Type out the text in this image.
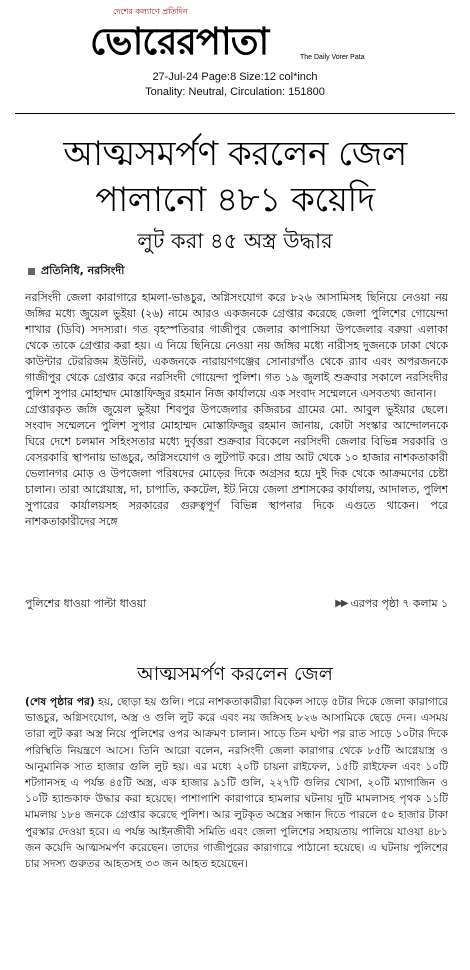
দেশের কল্যাণে প্রতিদিন
ভোরেরপাতা	The Daily Vorer Pata
27-Jul-24 Page:8 Size:12 col*inch
Tonality: Neutral, Circulation: 151800
আত্মসমর্পণ করলেন জেল
পালানো ৪৮১ কয়েদি
লুট করা ৪৫ অস্ত্র উদ্ধার
প্রতিনিধি, নরসিংদী

নরসিংদী জেলা কারাগারে হামলা-ভাঙচুর, অগ্নিসংযোগ করে ৮২৬ আসামিসহ ছিনিয়ে নেওয়া নয় জঙ্গির মধ্যে জুয়েল ভুইয়া (২৬) নামে আরও একজনকে গ্রেপ্তার করেছে জেলা পুলিশের গোয়েন্দা শাখার (ডিবি) সদস্যরা। গত বৃহস্পতিবার গাজীপুর জেলার কাপাসিয়া উপজেলার বরুয়া এলাকা থেকে তাকে গ্রেপ্তার করা হয়। এ নিয়ে ছিনিয়ে নেওয়া নয় জঙ্গির মধ্যে নারীসহ দুজনকে ঢাকা থেকে কাউন্টার টেররিজম ইউনিট, একজনকে নারায়ণগঞ্জের সোনারগাঁও থেকে র‍্যাব এবং অপরজনকে গাজীপুর থেকে গ্রেপ্তার করে নরসিংদী গোয়েন্দা পুলিশ। গত ১৯ জুলাই শুক্রবার সকালে নরসিংদীর পুলিশ সুপার মোহাম্মদ মোস্তাফিজুর রহমান নিজ কার্যালয়ে এক সংবাদ সম্মেলনে এসবতথ্য জানান।

গ্রেপ্তারকৃত জঙ্গি জুয়েল ভুইয়া শিবপুর উপজেলার কজিরচর গ্রামের মো. আবুল ভুইয়ার ছেলে। সংবাদ সম্মেলনে পুলিশ সুপার মোহাম্মদ মোস্তাফিজুর রহমান জানায়, কোটা সংস্কার আন্দোলনকে ঘিরে দেশে চলমান সহিংসতার মধ্যে দুর্বৃত্তরা শুক্রবার বিকেলে নরসিংদী জেলার বিভিন্ন সরকারি ও বেসরকারি স্থাপনায় ভাঙচুর, অগ্নিসংযোগ ও লুটপাট করে। প্রায় আট থেকে ১০ হাজার নাশকতাকারী ভেলানগর মোড় ও উপজেলা পরিষদের মোড়ের দিকে অগ্রসর হয়ে দুই দিক থেকে আক্রমণের চেষ্টা চালান। তারা আগ্নেয়াস্ত্র, দা, চাপাতি, ককটেল, ইট নিয়ে জেলা প্রশাসকের কার্যালয়, আদালত, পুলিশ সুপারের কার্যালয়সহ সরকারের গুরুত্বপূর্ণ বিভিন্ন স্থাপনার দিকে এগুতে থাকেন। পরে নাশকতাকারীদের সঙ্গে

পুলিশের ধাওয়া পাল্টা ধাওয়া	▶▶ এরপর পৃষ্ঠা ৭ কলাম ১
আত্মসমর্পণ করলেন জেল

(শেষ পৃষ্ঠার পর) হয়, ছোড়া হয় গুলি। পরে নাশকতাকারীরা বিকেল সাড়ে ৫টার দিকে জেলা কারাগারে ভাঙচুর, অগ্নিসংযোগ, অস্ত্র ও গুলি লুট করে এবং নয় জঙ্গিসহ ৮২৬ আসামিকে ছেড়ে দেন। এসময় তারা লুট করা অস্ত্র নিয়ে পুলিশের ওপর আক্রমণ চালান। সাড়ে তিন ঘণ্টা পর রাত সাড়ে ১০টার দিকে পরিস্থিতি নিয়ন্ত্রণে আসে। তিনি আরো বলেন, নরসিংদী জেলা কারাগার থেকে ৮৫টি আগ্নেয়াস্ত্র ও আনুমানিক সাত হাজার গুলি লুট হয়। এর মধ্যে ২০টি চায়না রাইফেল, ১৫টি রাইফেল এবং ১০টি শটগানসহ এ পর্যন্ত ৪৫টি অস্ত্র, এক হাজার ৯১টি গুলি, ২২৭টি গুলির খোসা, ২০টি ম্যাগাজিন ও ১০টি হ্যান্ডকাফ উদ্ধার করা হয়েছে। পাশাপাশি কারাগারে হামলার ঘটনায় দুটি মামলাসহ পৃথক ১১টি মামলায় ১৮৪ জনকে গ্রেপ্তার করেছে পুলিশ। আর লুটকৃত অস্ত্রের সন্ধান দিতে পারলে ৫০ হাজার টাকা পুরস্কার দেওয়া হবে। এ পর্যন্ত আইনজীবী সমিতি এবং জেলা পুলিশের সহায়তায় পালিয়ে যাওয়া ৪৮১ জন কয়েদি আত্মসমর্পণ করেছেন। তাদের গাজীপুরের কারাগারে পাঠানো হয়েছে। এ ঘটনায় পুলিশের চার সদস্য গুরুতর আহতসহ ৩৩ জন আহত হয়েছেন।
